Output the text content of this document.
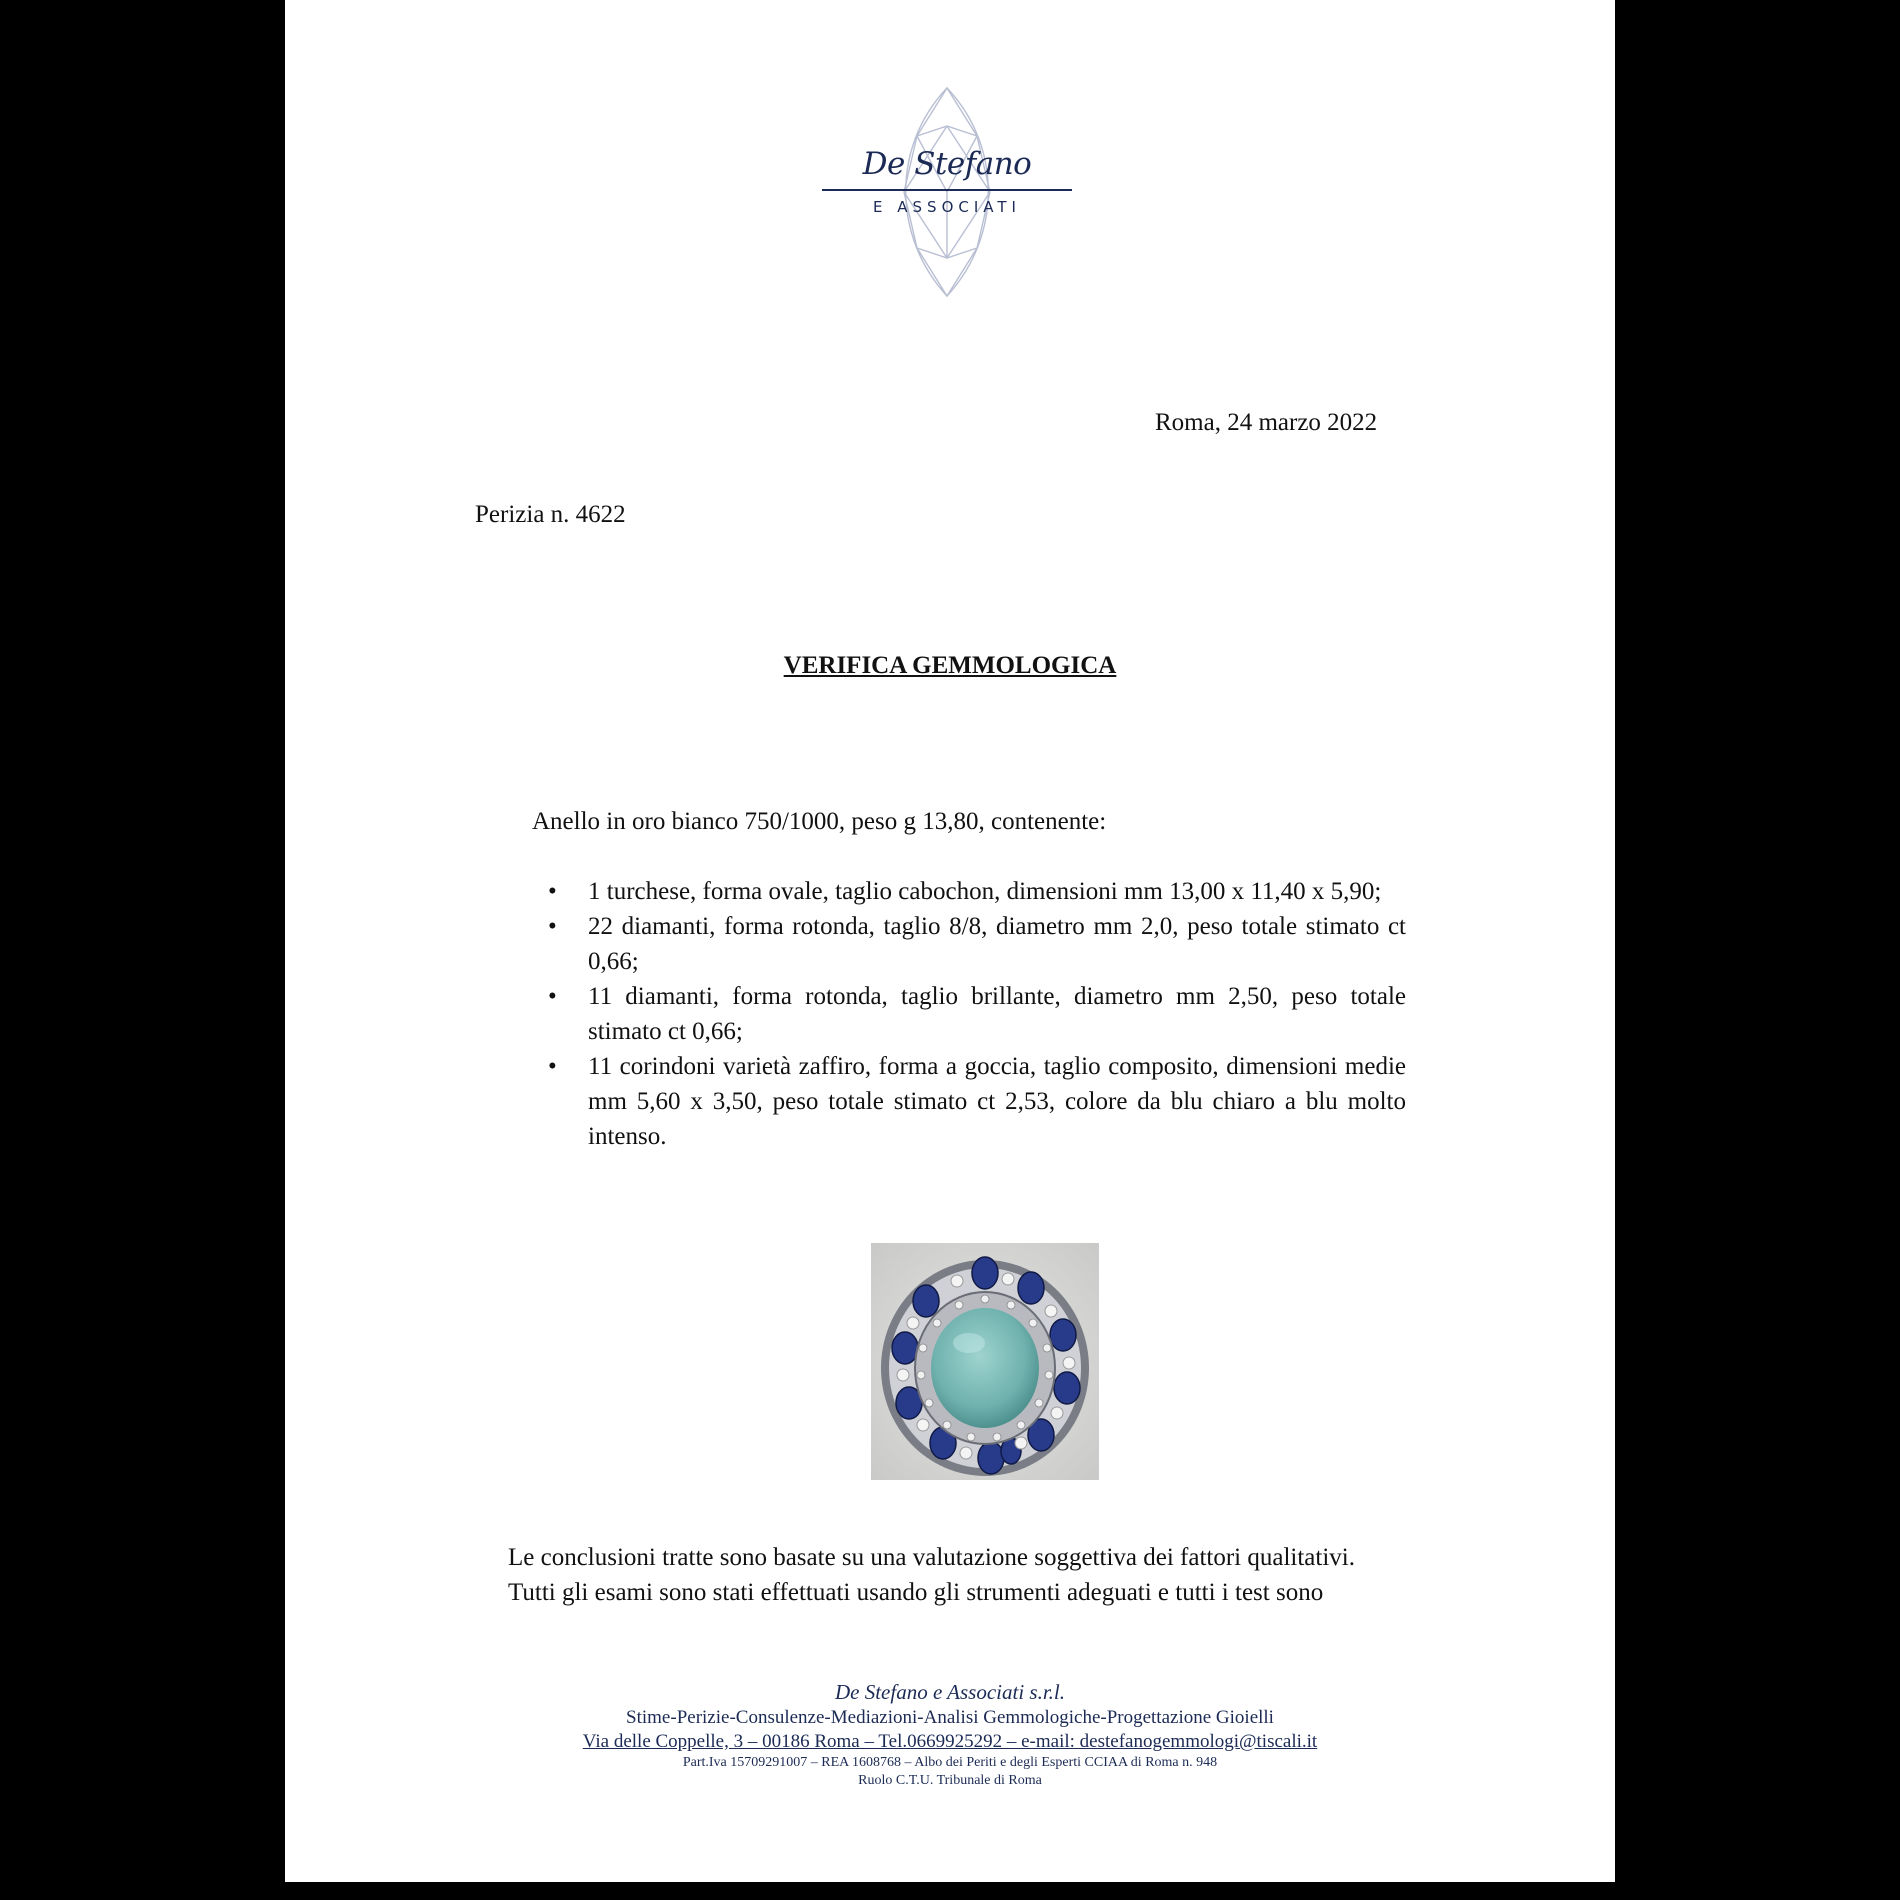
De Stefano
E ASSOCIATI
Roma, 24 marzo 2022
Perizia n. 4622
VERIFICA GEMMOLOGICA
Anello in oro bianco 750/1000, peso g 13,80, contenente:
• 1 turchese, forma ovale, taglio cabochon, dimensioni mm 13,00 x 11,40 x 5,90;
• 22 diamanti, forma rotonda, taglio 8/8, diametro mm 2,0, peso totale stimato ct 0,66;
• 11 diamanti, forma rotonda, taglio brillante, diametro mm 2,50, peso totale stimato ct 0,66;
• 11 corindoni varietà zaffiro, forma a goccia, taglio composito, dimensioni medie mm 5,60 x 3,50, peso totale stimato ct 2,53, colore da blu chiaro a blu molto intenso.

Le conclusioni tratte sono basate su una valutazione soggettiva dei fattori qualitativi.

Tutti gli esami sono stati effettuati usando gli strumenti adeguati e tutti i test sono

De Stefano e Associati s.r.l.
Stime-Perizie-Consulenze-Mediazioni-Analisi Gemmologiche-Progettazione Gioielli
Via delle Coppelle, 3 – 00186 Roma – Tel.0669925292 – e-mail: destefanogemmologi@tiscali.it
Part.Iva 15709291007 – REA 1608768 – Albo dei Periti e degli Esperti CCIAA di Roma n. 948
Ruolo C.T.U. Tribunale di Roma
